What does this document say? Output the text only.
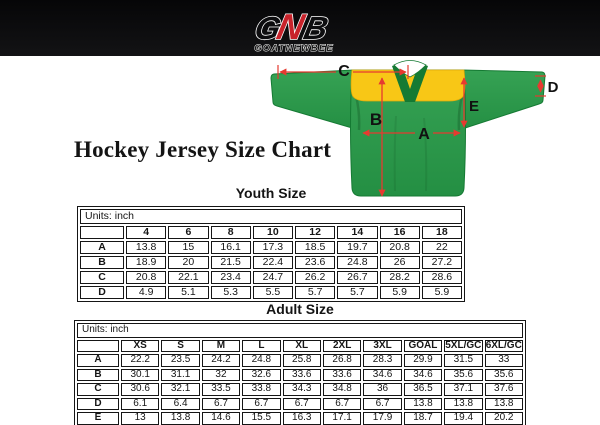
G
N
B
GOATNEWBEE
C
B
A
E
D
Hockey Jersey Size Chart
Youth Size
Units: inch								
	4	6	8	10	12	14	16	18
A	13.8	15	16.1	17.3	18.5	19.7	20.8	22
B	18.9	20	21.5	22.4	23.6	24.8	26	27.2
C	20.8	22.1	23.4	24.7	26.2	26.7	28.2	28.6
D	4.9	5.1	5.3	5.5	5.7	5.7	5.9	5.9
Adult Size
Units: inch										
	XS	S	M	L	XL	2XL	3XL	GOAL	5XL/GC	6XL/GC
A	22.2	23.5	24.2	24.8	25.8	26.8	28.3	29.9	31.5	33
B	30.1	31.1	32	32.6	33.6	33.6	34.6	34.6	35.6	35.6
C	30.6	32.1	33.5	33.8	34.3	34.8	36	36.5	37.1	37.6
D	6.1	6.4	6.7	6.7	6.7	6.7	6.7	13.8	13.8	13.8
E	13	13.8	14.6	15.5	16.3	17.1	17.9	18.7	19.4	20.2
